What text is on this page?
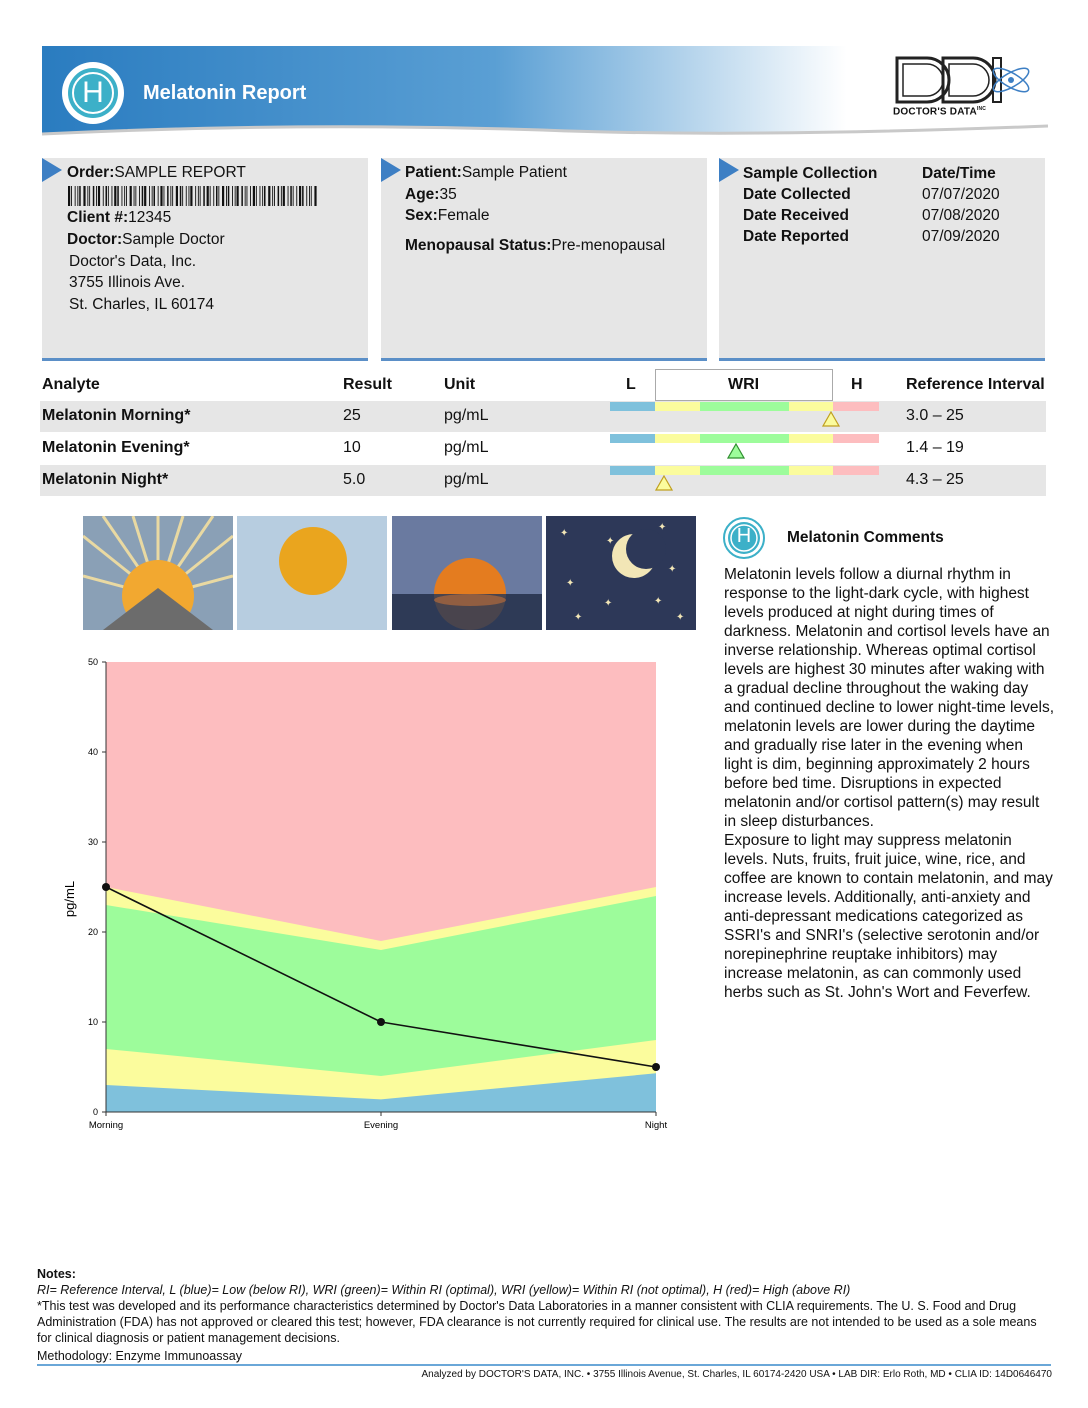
H	Melatonin Report
DOCTOR'S $DATA^{INC}$
Order:SAMPLE REPORT
Client #:12345
Doctor:Sample Doctor
Doctor's Data, Inc.
3755 Illinois Ave.
St. Charles, IL 60174
Patient:Sample Patient
Age:35
Sex:Female
Menopausal Status:Pre-menopausal
Sample Collection	Date/Time
Date Collected	07/07/2020
Date Received	07/08/2020
Date Reported	07/09/2020
Analyte	Result	Unit	L	WRI	H	Reference Interval
Melatonin Morning*	25	pg/mL	3.0 – 25
Melatonin Evening*	10	pg/mL	1.4 – 19
Melatonin Night*	5.0	pg/mL	4.3 – 25
✦
✦
✦
✦
✦
✦
✦
✦
✦
0
10
20
30
40
50
Morning	Evening	Night
pg/mL
H Melatonin Comments
Melatonin levels follow a diurnal rhythm in response to the light-dark cycle, with highest levels produced at night during times of darkness. Melatonin and cortisol levels have an inverse relationship. Whereas optimal cortisol levels are highest 30 minutes after waking with a gradual decline throughout the waking day and continued decline to lower night-time levels, melatonin levels are lower during the daytime and gradually rise later in the evening when light is dim, beginning approximately 2 hours before bed time. Disruptions in expected melatonin and/or cortisol pattern(s) may result in sleep disturbances.
Exposure to light may suppress melatonin levels. Nuts, fruits, fruit juice, wine, rice, and coffee are known to contain melatonin, and may increase levels. Additionally, anti-anxiety and anti-depressant medications categorized as SSRI's and SNRI's (selective serotonin and/or norepinephrine reuptake inhibitors) may increase melatonin, as can commonly used herbs such as St. John's Wort and Feverfew.
Notes:
RI= Reference Interval, L (blue)= Low (below RI), WRI (green)= Within RI (optimal), WRI (yellow)= Within RI (not optimal), H (red)= High (above RI)
*This test was developed and its performance characteristics determined by Doctor's Data Laboratories in a manner consistent with CLIA requirements. The U. S. Food and Drug Administration (FDA) has not approved or cleared this test; however, FDA clearance is not currently required for clinical use. The results are not intended to be used as a sole means for clinical diagnosis or patient management decisions.
Methodology: Enzyme Immunoassay
Analyzed by DOCTOR'S DATA, INC. • 3755 Illinois Avenue, St. Charles, IL 60174-2420 USA • LAB DIR: Erlo Roth, MD • CLIA ID: 14D0646470
